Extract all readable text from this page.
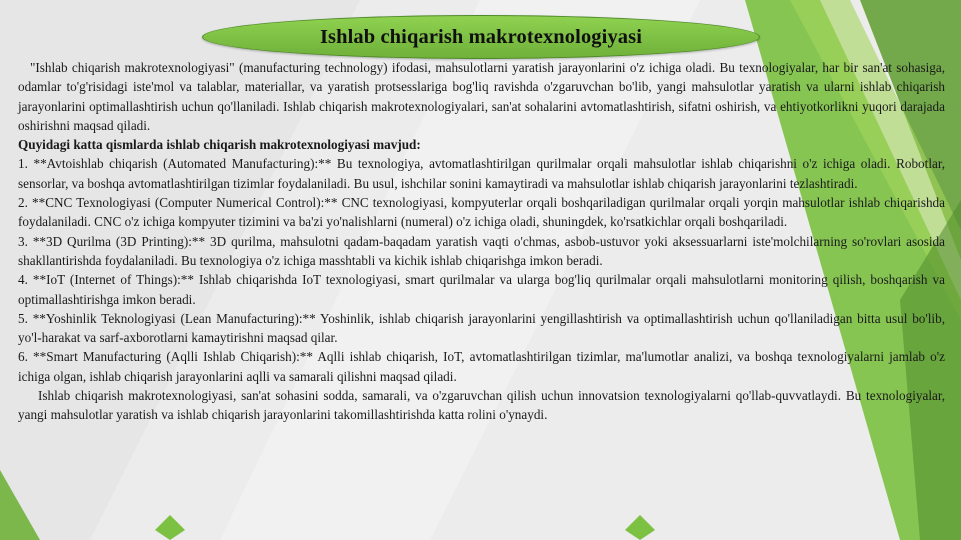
Ishlab chiqarish makrotexnologiyasi

"Ishlab chiqarish makrotexnologiyasi" (manufacturing technology) ifodasi, mahsulotlarni yaratish jarayonlarini o'z ichiga oladi. Bu texnologiyalar, har bir san'at sohasiga, odamlar to'g'risidagi iste'mol va talablar, materiallar, va yaratish protsesslariga bog'liq ravishda o'zgaruvchan bo'lib, yangi mahsulotlar yaratish va ularni ishlab chiqarish jarayonlarini optimallashtirish uchun qo'llaniladi. Ishlab chiqarish makrotexnologiyalari, san'at sohalarini avtomatlashtirish, sifatni oshirish, va ehtiyotkorlikni yuqori darajada oshirishni maqsad qiladi.

Quyidagi katta qismlarda ishlab chiqarish makrotexnologiyasi mavjud:

1. **Avtoishlab chiqarish (Automated Manufacturing):** Bu texnologiya, avtomatlashtirilgan qurilmalar orqali mahsulotlar ishlab chiqarishni o'z ichiga oladi. Robotlar, sensorlar, va boshqa avtomatlashtirilgan tizimlar foydalaniladi. Bu usul, ishchilar sonini kamaytiradi va mahsulotlar ishlab chiqarish jarayonlarini tezlashtiradi.

2. **CNC Texnologiyasi (Computer Numerical Control):** CNC texnologiyasi, kompyuterlar orqali boshqariladigan qurilmalar orqali yorqin mahsulotlar ishlab chiqarishda foydalaniladi. CNC o'z ichiga kompyuter tizimini va ba'zi yo'nalishlarni (numeral) o'z ichiga oladi, shuningdek, ko'rsatkichlar orqali boshqariladi.

3. **3D Qurilma (3D Printing):** 3D qurilma, mahsulotni qadam-baqadam yaratish vaqti o'chmas, asbob-ustuvor yoki aksessuarlarni iste'molchilarning so'rovlari asosida shakllantirishda foydalaniladi. Bu texnologiya o'z ichiga masshtabli va kichik ishlab chiqarishga imkon beradi.

4. **IoT (Internet of Things):** Ishlab chiqarishda IoT texnologiyasi, smart qurilmalar va ularga bog'liq qurilmalar orqali mahsulotlarni monitoring qilish, boshqarish va optimallashtirishga imkon beradi.

5. **Yoshinlik Teknologiyasi (Lean Manufacturing):** Yoshinlik, ishlab chiqarish jarayonlarini yengillashtirish va optimallashtirish uchun qo'llaniladigan bitta usul bo'lib, yo'l-harakat va sarf-axborotlarni kamaytirishni maqsad qilar.

6. **Smart Manufacturing (Aqlli Ishlab Chiqarish):** Aqlli ishlab chiqarish, IoT, avtomatlashtirilgan tizimlar, ma'lumotlar analizi, va boshqa texnologiyalarni jamlab o'z ichiga olgan, ishlab chiqarish jarayonlarini aqlli va samarali qilishni maqsad qiladi.

Ishlab chiqarish makrotexnologiyasi, san'at sohasini sodda, samarali, va o'zgaruvchan qilish uchun innovatsion texnologiyalarni qo'llab-quvvatlaydi. Bu texnologiyalar, yangi mahsulotlar yaratish va ishlab chiqarish jarayonlarini takomillashtirishda katta rolini o'ynaydi.
